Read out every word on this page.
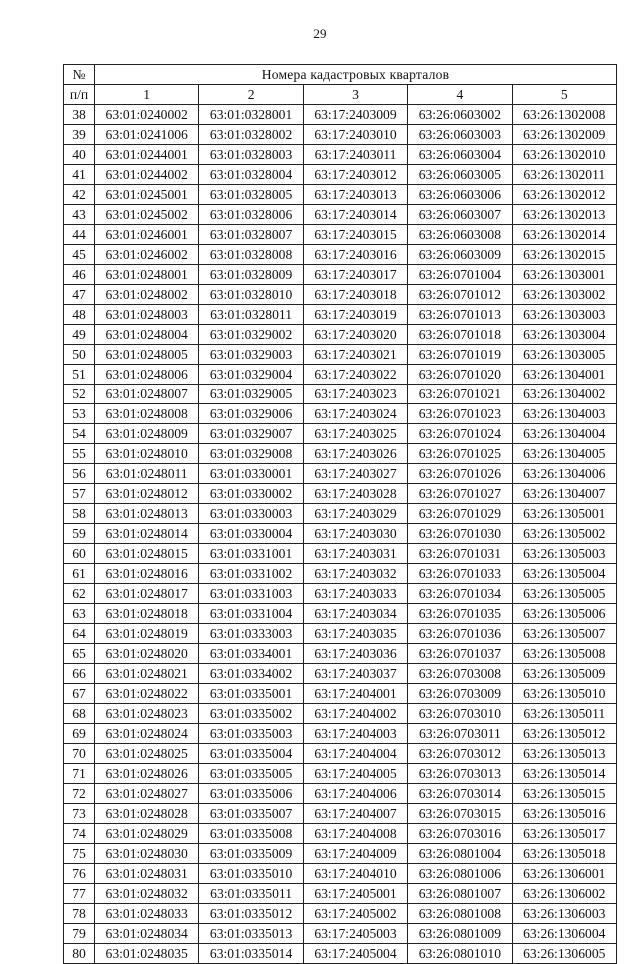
29
№	Номера кадастровых кварталов				
п/п	1	2	3	4	5
38	63:01:0240002	63:01:0328001	63:17:2403009	63:26:0603002	63:26:1302008
39	63:01:0241006	63:01:0328002	63:17:2403010	63:26:0603003	63:26:1302009
40	63:01:0244001	63:01:0328003	63:17:2403011	63:26:0603004	63:26:1302010
41	63:01:0244002	63:01:0328004	63:17:2403012	63:26:0603005	63:26:1302011
42	63:01:0245001	63:01:0328005	63:17:2403013	63:26:0603006	63:26:1302012
43	63:01:0245002	63:01:0328006	63:17:2403014	63:26:0603007	63:26:1302013
44	63:01:0246001	63:01:0328007	63:17:2403015	63:26:0603008	63:26:1302014
45	63:01:0246002	63:01:0328008	63:17:2403016	63:26:0603009	63:26:1302015
46	63:01:0248001	63:01:0328009	63:17:2403017	63:26:0701004	63:26:1303001
47	63:01:0248002	63:01:0328010	63:17:2403018	63:26:0701012	63:26:1303002
48	63:01:0248003	63:01:0328011	63:17:2403019	63:26:0701013	63:26:1303003
49	63:01:0248004	63:01:0329002	63:17:2403020	63:26:0701018	63:26:1303004
50	63:01:0248005	63:01:0329003	63:17:2403021	63:26:0701019	63:26:1303005
51	63:01:0248006	63:01:0329004	63:17:2403022	63:26:0701020	63:26:1304001
52	63:01:0248007	63:01:0329005	63:17:2403023	63:26:0701021	63:26:1304002
53	63:01:0248008	63:01:0329006	63:17:2403024	63:26:0701023	63:26:1304003
54	63:01:0248009	63:01:0329007	63:17:2403025	63:26:0701024	63:26:1304004
55	63:01:0248010	63:01:0329008	63:17:2403026	63:26:0701025	63:26:1304005
56	63:01:0248011	63:01:0330001	63:17:2403027	63:26:0701026	63:26:1304006
57	63:01:0248012	63:01:0330002	63:17:2403028	63:26:0701027	63:26:1304007
58	63:01:0248013	63:01:0330003	63:17:2403029	63:26:0701029	63:26:1305001
59	63:01:0248014	63:01:0330004	63:17:2403030	63:26:0701030	63:26:1305002
60	63:01:0248015	63:01:0331001	63:17:2403031	63:26:0701031	63:26:1305003
61	63:01:0248016	63:01:0331002	63:17:2403032	63:26:0701033	63:26:1305004
62	63:01:0248017	63:01:0331003	63:17:2403033	63:26:0701034	63:26:1305005
63	63:01:0248018	63:01:0331004	63:17:2403034	63:26:0701035	63:26:1305006
64	63:01:0248019	63:01:0333003	63:17:2403035	63:26:0701036	63:26:1305007
65	63:01:0248020	63:01:0334001	63:17:2403036	63:26:0701037	63:26:1305008
66	63:01:0248021	63:01:0334002	63:17:2403037	63:26:0703008	63:26:1305009
67	63:01:0248022	63:01:0335001	63:17:2404001	63:26:0703009	63:26:1305010
68	63:01:0248023	63:01:0335002	63:17:2404002	63:26:0703010	63:26:1305011
69	63:01:0248024	63:01:0335003	63:17:2404003	63:26:0703011	63:26:1305012
70	63:01:0248025	63:01:0335004	63:17:2404004	63:26:0703012	63:26:1305013
71	63:01:0248026	63:01:0335005	63:17:2404005	63:26:0703013	63:26:1305014
72	63:01:0248027	63:01:0335006	63:17:2404006	63:26:0703014	63:26:1305015
73	63:01:0248028	63:01:0335007	63:17:2404007	63:26:0703015	63:26:1305016
74	63:01:0248029	63:01:0335008	63:17:2404008	63:26:0703016	63:26:1305017
75	63:01:0248030	63:01:0335009	63:17:2404009	63:26:0801004	63:26:1305018
76	63:01:0248031	63:01:0335010	63:17:2404010	63:26:0801006	63:26:1306001
77	63:01:0248032	63:01:0335011	63:17:2405001	63:26:0801007	63:26:1306002
78	63:01:0248033	63:01:0335012	63:17:2405002	63:26:0801008	63:26:1306003
79	63:01:0248034	63:01:0335013	63:17:2405003	63:26:0801009	63:26:1306004
80	63:01:0248035	63:01:0335014	63:17:2405004	63:26:0801010	63:26:1306005
